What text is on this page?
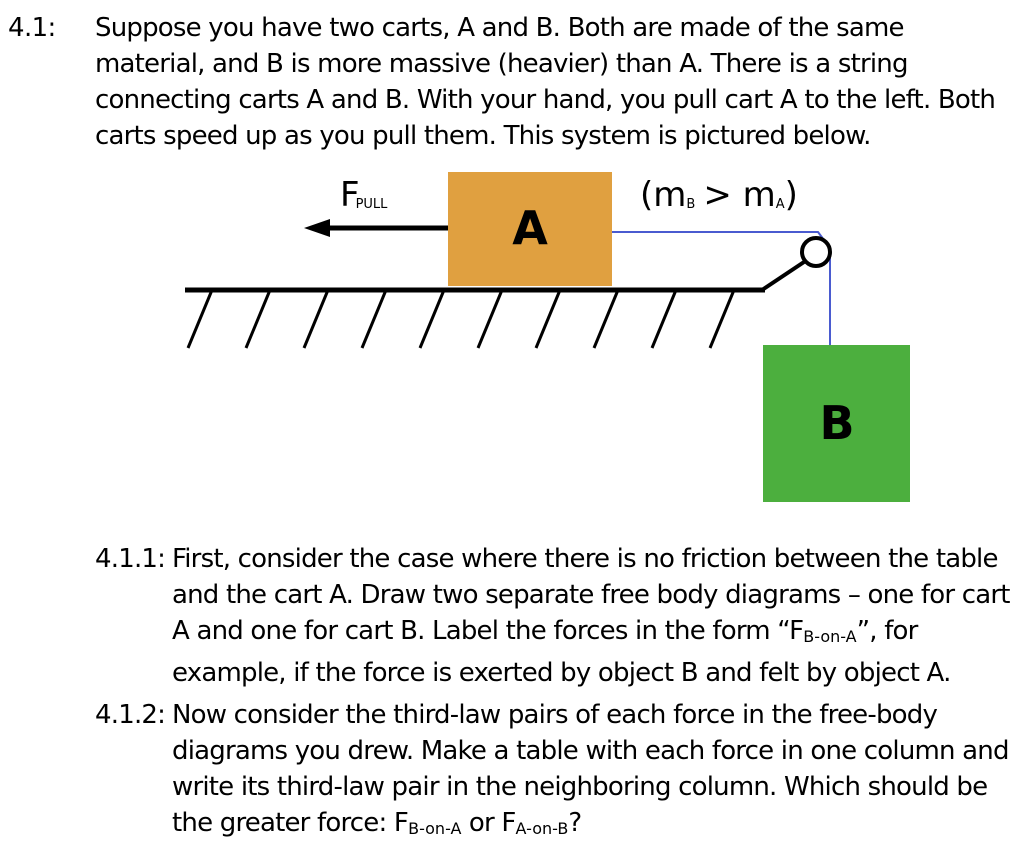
4.1: Suppose you have two carts, A and B. Both are made of the same material, and B is more massive (heavier) than A. There is a string connecting carts A and B. With your hand, you pull cart A to the left. Both carts speed up as you pull them. This system is pictured below.

A
FPULL	(mB > mA)
B
4.1.1: First, consider the case where there is no friction between the table and the cart A. Draw two separate free body diagrams – one for cart A and one for cart B. Label the forces in the form “FB-on-A”, for example, if the force is exerted by object B and felt by object A.

4.1.2: Now consider the third-law pairs of each force in the free-body diagrams you drew. Make a table with each force in one column and write its third-law pair in the neighboring column. Which should be the greater force: FB-on-A or FA-on-B?
